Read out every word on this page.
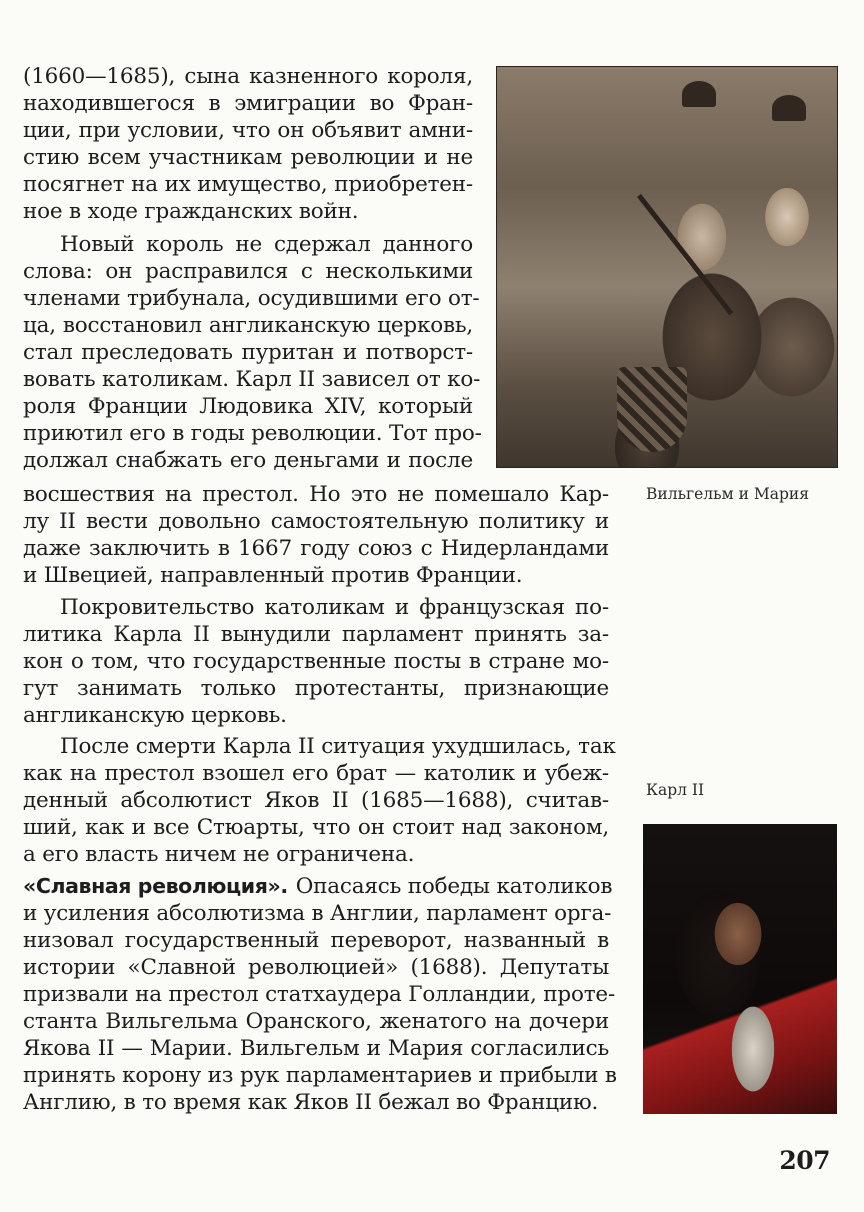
(1660—1685), сына казненного короля,
находившегося в эмиграции во Фран-
ции, при условии, что он объявит амни-
стию всем участникам революции и не
посягнет на их имущество, приобретен-
ное в ходе гражданских войн.
Новый король не сдержал данного
слова: он расправился с несколькими
членами трибунала, осудившими его от-
ца, восстановил англиканскую церковь,
стал преследовать пуритан и потворст-
вовать католикам. Карл II зависел от ко-
роля Франции Людовика XIV, который
приютил его в годы революции. Тот про-
должал снабжать его деньгами и после
восшествия на престол. Но это не помешало Кар-
лу II вести довольно самостоятельную политику и
даже заключить в 1667 году союз с Нидерландами
и Швецией, направленный против Франции.
Покровительство католикам и французская по-
литика Карла II вынудили парламент принять за-
кон о том, что государственные посты в стране мо-
гут занимать только протестанты, признающие
англиканскую церковь.
После смерти Карла II ситуация ухудшилась, так
как на престол взошел его брат — католик и убеж-
денный абсолютист Яков II (1685—1688), считав-
ший, как и все Стюарты, что он стоит над законом,
а его власть ничем не ограничена.
«Славная революция». Опасаясь победы католиков
и усиления абсолютизма в Англии, парламент орга-
низовал государственный переворот, названный в
истории «Славной революцией» (1688). Депутаты
призвали на престол статхаудера Голландии, проте-
станта Вильгельма Оранского, женатого на дочери
Якова II — Марии. Вильгельм и Мария согласились
принять корону из рук парламентариев и прибыли в
Англию, в то время как Яков II бежал во Францию.
Вильгельм и Мария
Карл II
207
